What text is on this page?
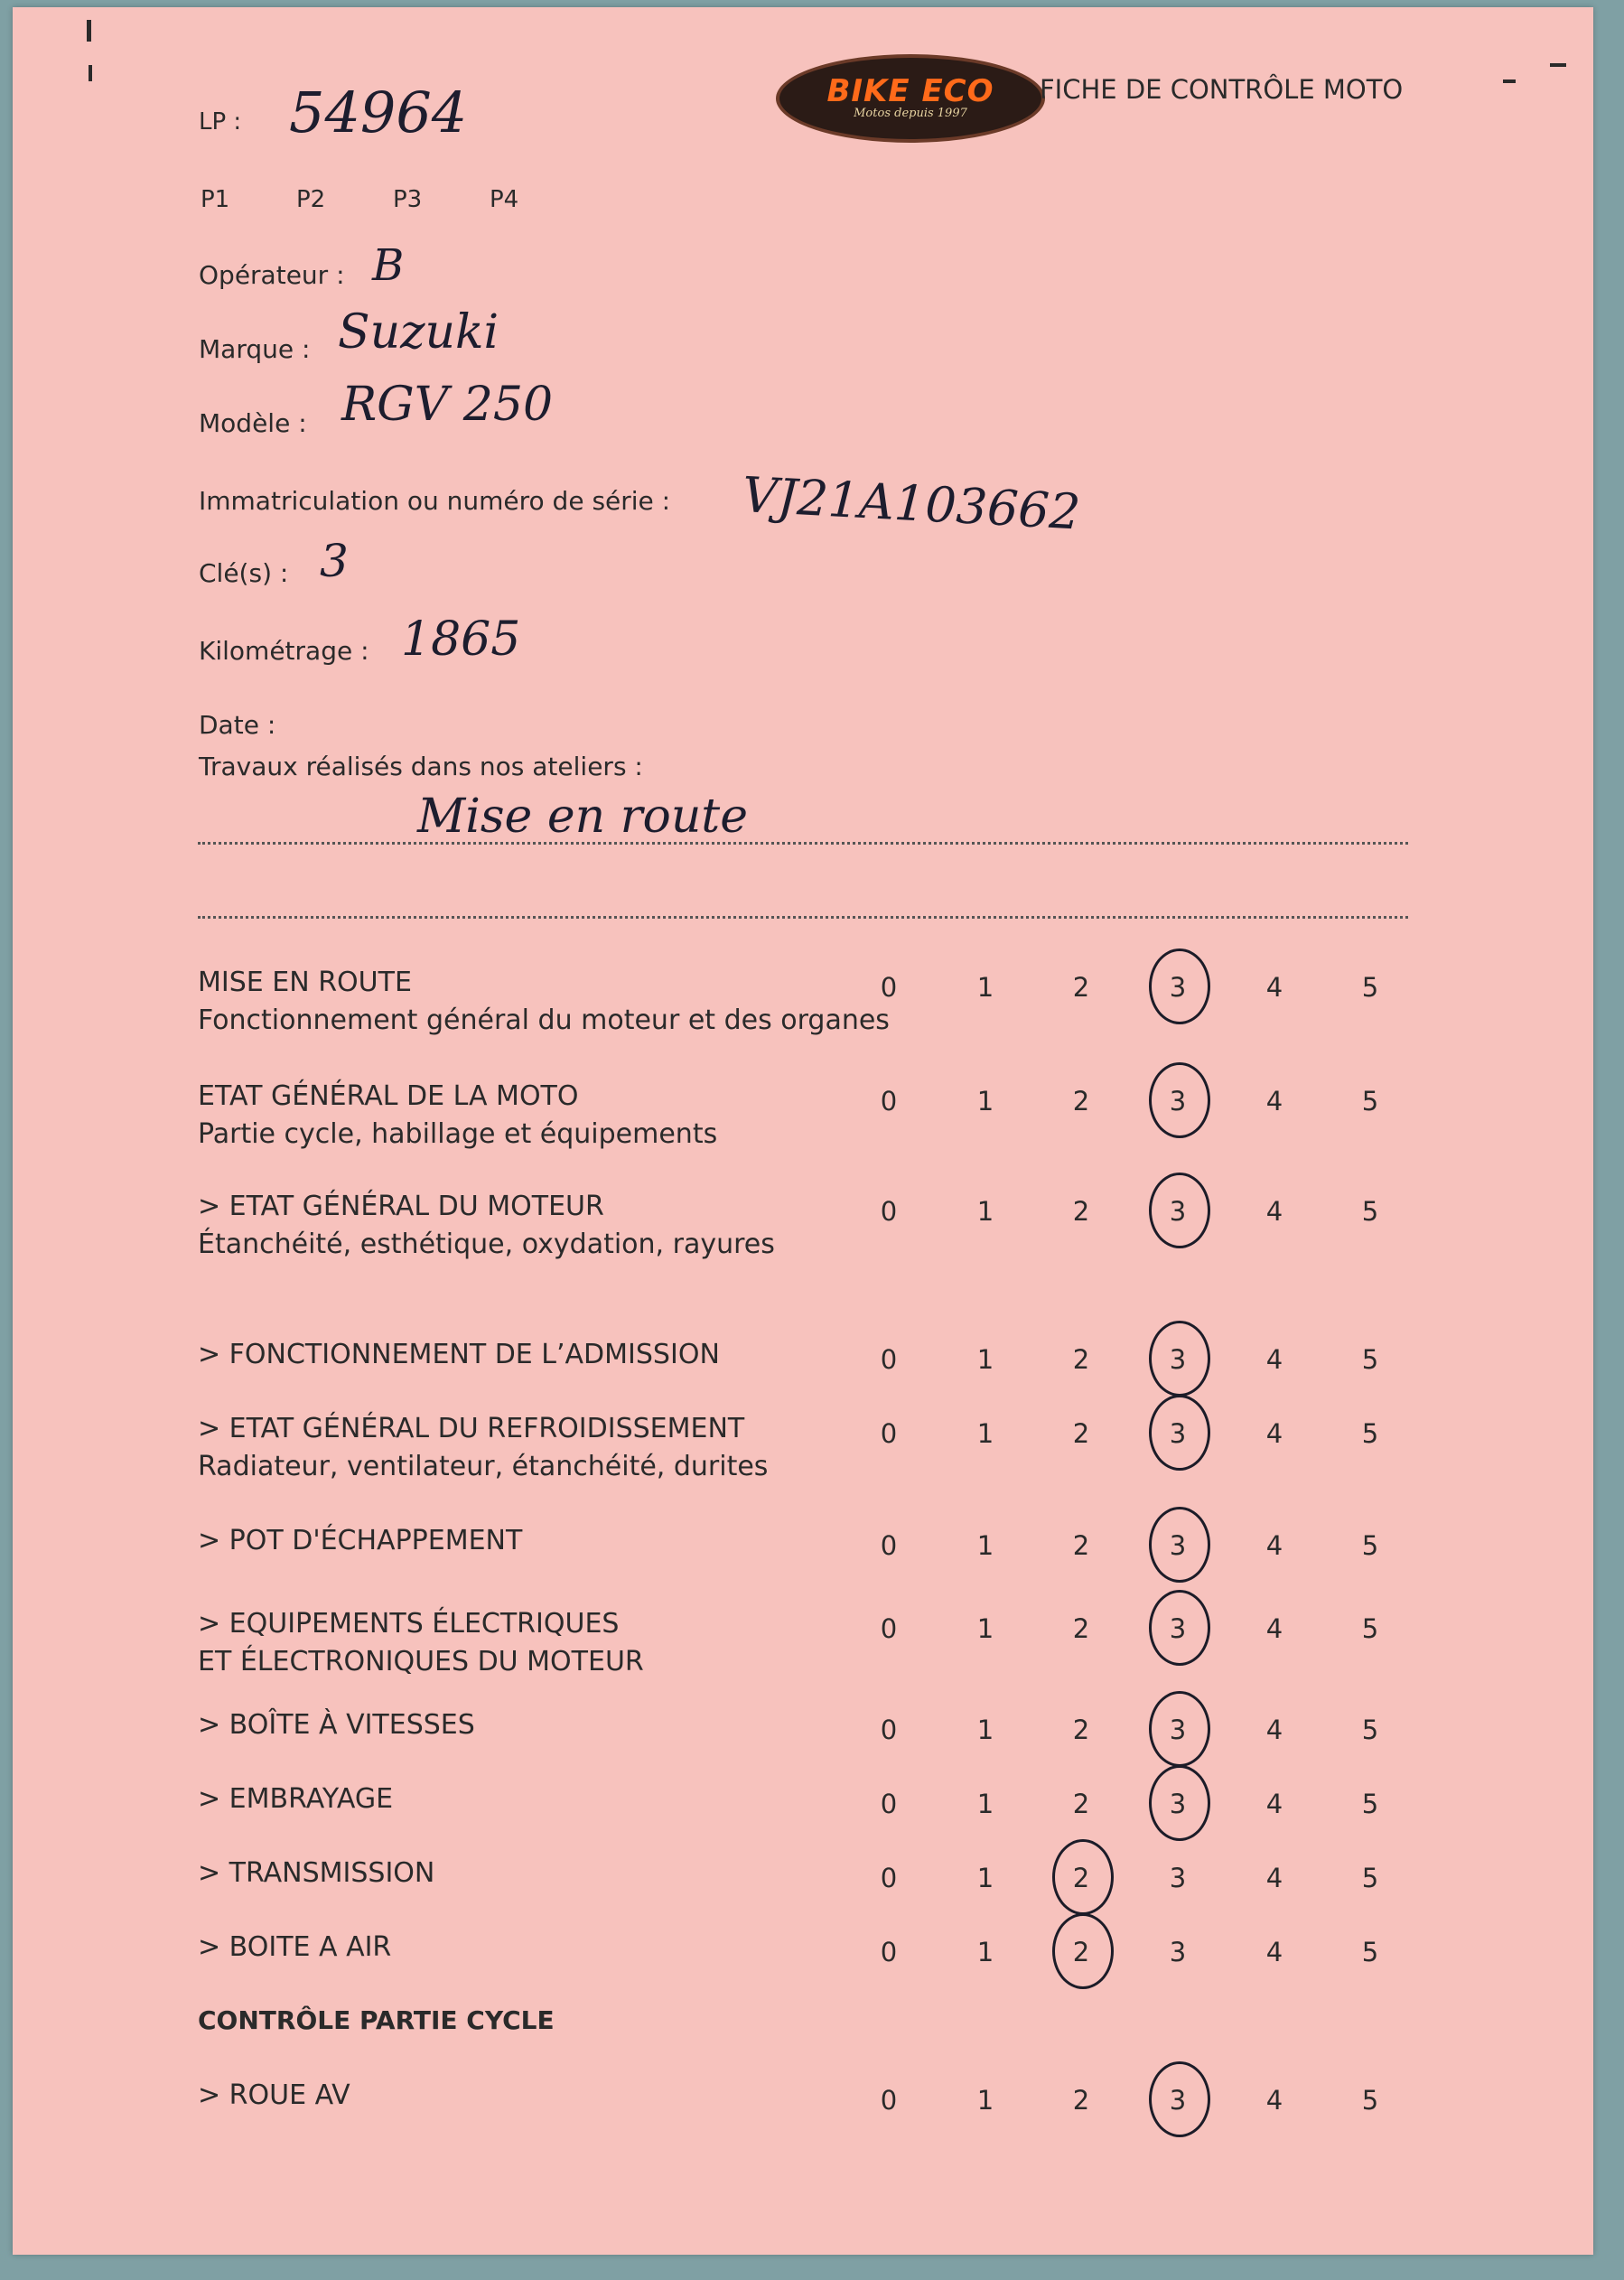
BIKE ECO
Motos depuis 1997
FICHE DE CONTRÔLE MOTO
LP : 54964
P1	P2	P3	P4
Opérateur : B
Marque : Suzuki
Modèle : RGV 250
Immatriculation ou numéro de série : VJ21A103662
Clé(s) : 3
Kilométrage : 1865
Date :
Travaux réalisés dans nos ateliers :
Mise en route
MISE EN ROUTE
Fonctionnement général du moteur et des organes
0	1	2	3	4	5
ETAT GÉNÉRAL DE LA MOTO
Partie cycle, habillage et équipements
0	1	2	3	4	5
> ETAT GÉNÉRAL DU MOTEUR
Étanchéité, esthétique, oxydation, rayures
0	1	2	3	4	5
> FONCTIONNEMENT DE L’ADMISSION	0	1	2	3	4	5
> ETAT GÉNÉRAL DU REFROIDISSEMENT
Radiateur, ventilateur, étanchéité, durites
0	1	2	3	4	5
> POT D'ÉCHAPPEMENT	0	1	2	3	4	5
> EQUIPEMENTS ÉLECTRIQUES
ET ÉLECTRONIQUES DU MOTEUR
0	1	2	3	4	5
> BOÎTE À VITESSES	0	1	2	3	4	5
> EMBRAYAGE	0	1	2	3	4	5
> TRANSMISSION	0	1	2	3	4	5
> BOITE A AIR	0	1	2	3	4	5
CONTRÔLE PARTIE CYCLE
> ROUE AV	0	1	2	3	4	5
